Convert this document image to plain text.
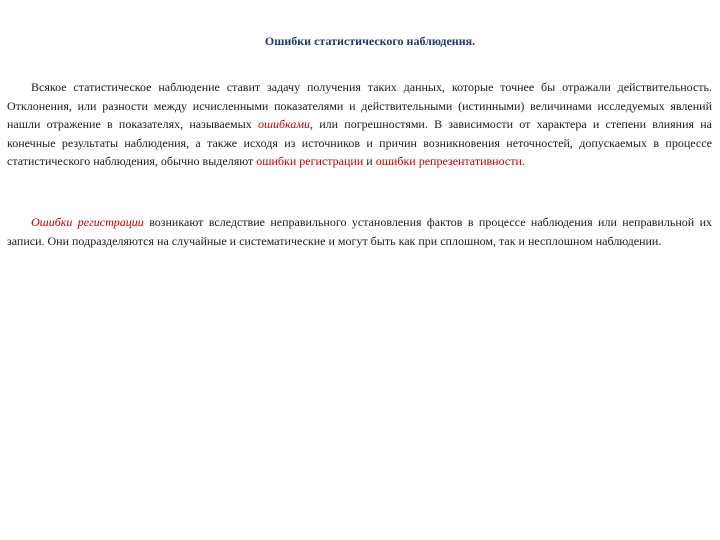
Ошибки статистического наблюдения.

Всякое статистическое наблюдение ставит задачу получения таких данных, которые точнее бы отражали действительность. Отклонения, или разности между исчисленными показателями и действительными (истинными) величинами исследуемых явлений нашли отражение в показателях, называемых ошибками, или погрешностями. В зависимости от характера и степени влияния на конечные результаты наблюдения, а также исходя из источников и причин возникновения неточностей, допускаемых в процессе статистического наблюдения, обычно выделяют ошибки регистрации и ошибки репрезентативности.

Ошибки регистрации возникают вследствие неправильного установления фактов в процессе наблюдения или неправильной их записи. Они подразделяются на случайные и систематические и могут быть как при сплошном, так и несплошном наблюдении.
